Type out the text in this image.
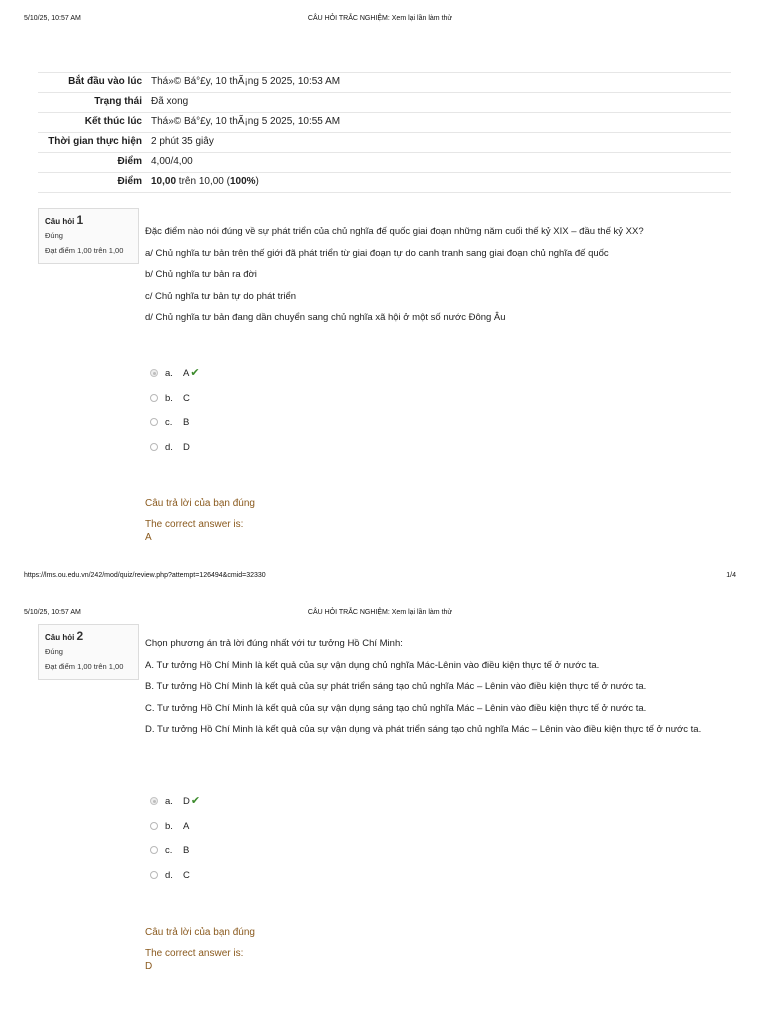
5/10/25, 10:57 AM	CÂU HỎI TRẮC NGHIỆM: Xem lại lần làm thử
Bắt đầu vào lúc Thá»© Bá°£y, 10 thÃ¡ng 5 2025, 10:53 AM
Trạng thái Đã xong
Kết thúc lúc Thá»© Bá°£y, 10 thÃ¡ng 5 2025, 10:55 AM
Thời gian thực hiện 2 phút 35 giây
Điểm 4,00/4,00
Điểm 10,00 trên 10,00 (100%)
Câu hỏi 1
Đúng
Đạt điểm 1,00 trên 1,00

Đặc điểm nào nói đúng về sự phát triển của chủ nghĩa đế quốc giai đoạn những năm cuối thế kỷ XIX – đầu thế kỷ XX?

a/ Chủ nghĩa tư bản trên thế giới đã phát triển từ giai đoạn tự do canh tranh sang giai đoạn chủ nghĩa đế quốc

b/ Chủ nghĩa tư bản ra đời

c/ Chủ nghĩa tư bản tự do phát triển

d/ Chủ nghĩa tư bản đang dần chuyển sang chủ nghĩa xã hội ở một số nước Đông Âu

a.	A ✔
b.	C
c.	B
d.	D
Câu trả lời của bạn đúng
The correct answer is:
A
https://lms.ou.edu.vn/242/mod/quiz/review.php?attempt=126494&cmid=32330	1/4
5/10/25, 10:57 AM	CÂU HỎI TRẮC NGHIỆM: Xem lại lần làm thử
Câu hỏi 2
Đúng
Đạt điểm 1,00 trên 1,00

Chọn phương án trả lời đúng nhất với tư tưởng Hồ Chí Minh:

A. Tư tưởng Hồ Chí Minh là kết quả của sự vận dụng chủ nghĩa Mác-Lênin vào điều kiện thực tế ở nước ta.

B. Tư tưởng Hồ Chí Minh là kết quả của sự phát triển sáng tạo chủ nghĩa Mác – Lênin vào điều kiện thực tế ở nước ta.

C. Tư tưởng Hồ Chí Minh là kết quả của sự vận dụng sáng tạo chủ nghĩa Mác – Lênin vào điều kiện thực tế ở nước ta.

D. Tư tưởng Hồ Chí Minh là kết quả của sự vận dụng và phát triển sáng tạo chủ nghĩa Mác – Lênin vào điều kiện thực tế ở nước ta.

a.	D ✔
b.	A
c.	B
d.	C
Câu trả lời của bạn đúng
The correct answer is:
D
